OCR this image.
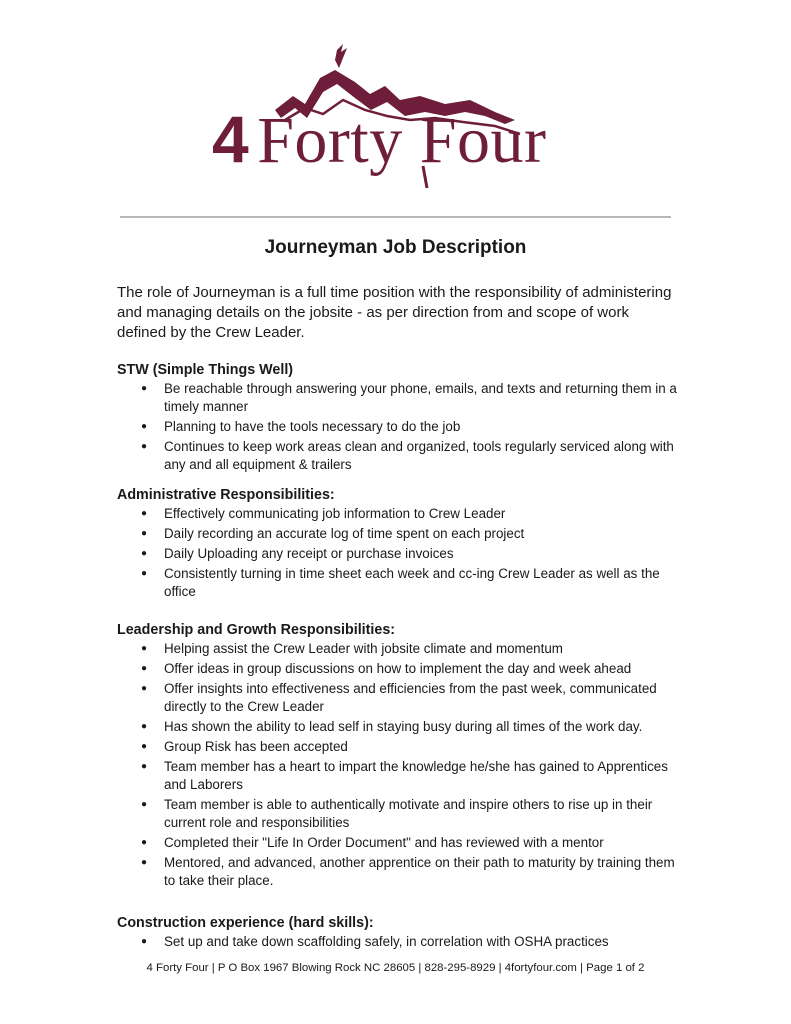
4 Forty Four
Journeyman Job Description
The role of Journeyman is a full time position with the responsibility of administering and managing details on the jobsite - as per direction from and scope of work defined by the Crew Leader.
STW (Simple Things Well)
● Be reachable through answering your phone, emails, and texts and returning them in a timely manner
● Planning to have the tools necessary to do the job
● Continues to keep work areas clean and organized, tools regularly serviced along with any and all equipment & trailers
Administrative Responsibilities:
● Effectively communicating job information to Crew Leader
● Daily recording an accurate log of time spent on each project
● Daily Uploading any receipt or purchase invoices
● Consistently turning in time sheet each week and cc-ing Crew Leader as well as the office
Leadership and Growth Responsibilities:
● Helping assist the Crew Leader with jobsite climate and momentum
● Offer ideas in group discussions on how to implement the day and week ahead
● Offer insights into effectiveness and efficiencies from the past week, communicated directly to the Crew Leader
● Has shown the ability to lead self in staying busy during all times of the work day.
● Group Risk has been accepted
● Team member has a heart to impart the knowledge he/she has gained to Apprentices and Laborers
● Team member is able to authentically motivate and inspire others to rise up in their current role and responsibilities
● Completed their "Life In Order Document" and has reviewed with a mentor
● Mentored, and advanced, another apprentice on their path to maturity by training them to take their place.
Construction experience (hard skills):
● Set up and take down scaffolding safely, in correlation with OSHA practices
4 Forty Four | P O Box 1967 Blowing Rock NC 28605 | 828-295-8929 | 4fortyfour.com | Page 1 of 2
